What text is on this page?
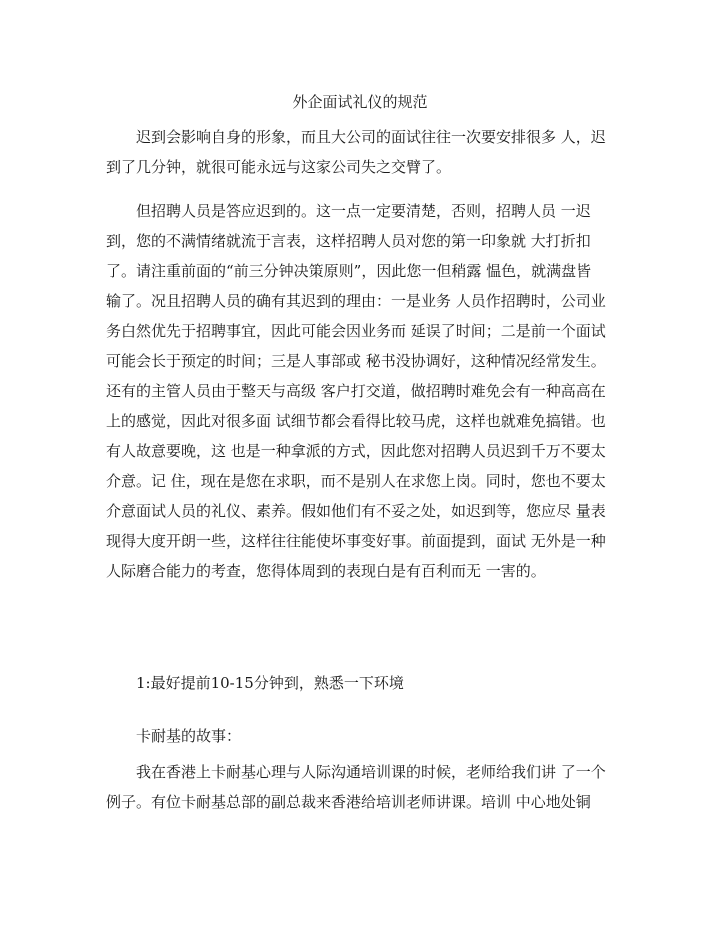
外企面试礼仪的规范

迟到会影响自身的形象，而且大公司的面试往往一次要安排很多 人，迟到了几分钟，就很可能永远与这家公司失之交臂了。

但招聘人员是答应迟到的。这一点一定要清楚，否则，招聘人员 一迟到，您的不满情绪就流于言表，这样招聘人员对您的第一印象就 大打折扣了。请注重前面的“前三分钟决策原则”，因此您一但稍露 愠色，就满盘皆输了。况且招聘人员的确有其迟到的理由：一是业务 人员作招聘时，公司业务白然优先于招聘事宜，因此可能会因业务而 延误了时间；二是前一个面试可能会长于预定的时间；三是人事部或 秘书没协调好，这种情况经常发生。还有的主管人员由于整天与高级 客户打交道，做招聘时难免会有一种高高在上的感觉，因此对很多面 试细节都会看得比较马虎，这样也就难免搞错。也有人故意要晚，这 也是一种拿派的方式，因此您对招聘人员迟到千万不要太介意。记 住，现在是您在求职，而不是别人在求您上岗。同时，您也不要太介意面试人员的礼仪、素养。假如他们有不妥之处，如迟到等，您应尽 量表现得大度开朗一些，这样往往能使坏事变好事。前面提到，面试 无外是一种人际磨合能力的考查，您得体周到的表现白是有百利而无 一害的。

1:最好提前10-15分钟到，熟悉一下环境

卡耐基的故事：

我在香港上卡耐基心理与人际沟通培训课的时候，老师给我们讲 了一个例子。有位卡耐基总部的副总裁来香港给培训老师讲课。培训 中心地处铜
